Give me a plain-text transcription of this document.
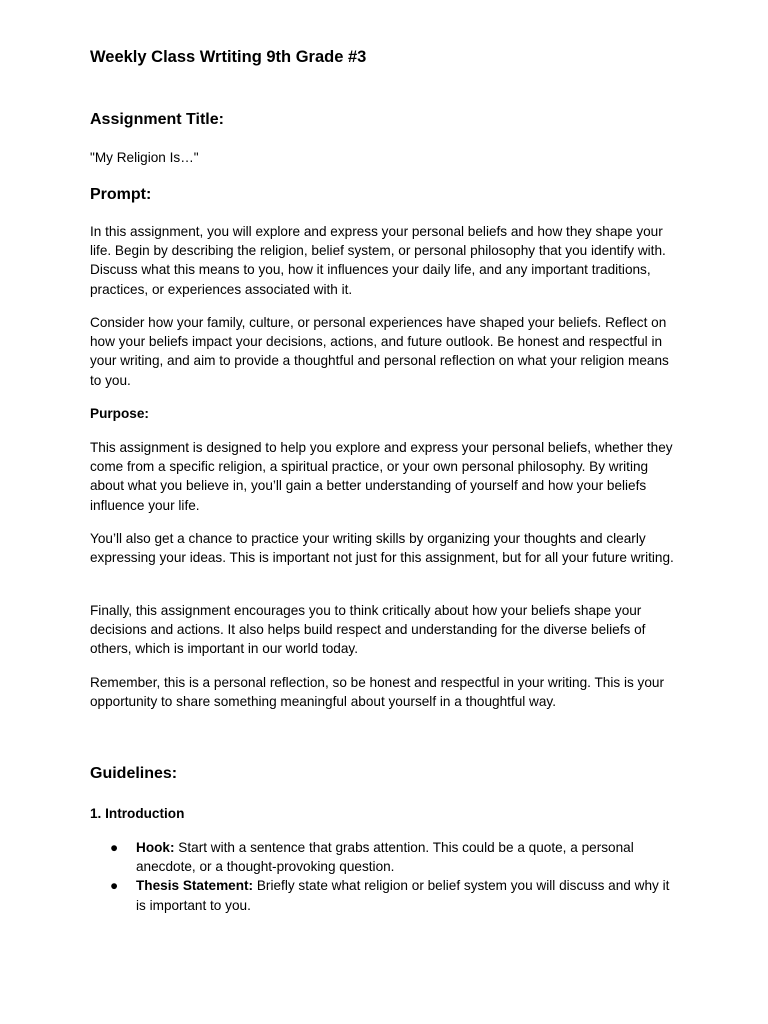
Weekly Class Wrtiting 9th Grade #3
Assignment Title:

"My Religion Is…"

Prompt:

In this assignment, you will explore and express your personal beliefs and how they shape your life. Begin by describing the religion, belief system, or personal philosophy that you identify with. Discuss what this means to you, how it influences your daily life, and any important traditions, practices, or experiences associated with it.

Consider how your family, culture, or personal experiences have shaped your beliefs. Reflect on how your beliefs impact your decisions, actions, and future outlook. Be honest and respectful in your writing, and aim to provide a thoughtful and personal reflection on what your religion means to you.

Purpose:

This assignment is designed to help you explore and express your personal beliefs, whether they come from a specific religion, a spiritual practice, or your own personal philosophy. By writing about what you believe in, you’ll gain a better understanding of yourself and how your beliefs influence your life.

You’ll also get a chance to practice your writing skills by organizing your thoughts and clearly expressing your ideas. This is important not just for this assignment, but for all your future writing.

Finally, this assignment encourages you to think critically about how your beliefs shape your decisions and actions. It also helps build respect and understanding for the diverse beliefs of others, which is important in our world today.

Remember, this is a personal reflection, so be honest and respectful in your writing. This is your opportunity to share something meaningful about yourself in a thoughtful way.

Guidelines:

1. Introduction

● Hook: Start with a sentence that grabs attention. This could be a quote, a personal anecdote, or a thought-provoking question.
● Thesis Statement: Briefly state what religion or belief system you will discuss and why it is important to you.
